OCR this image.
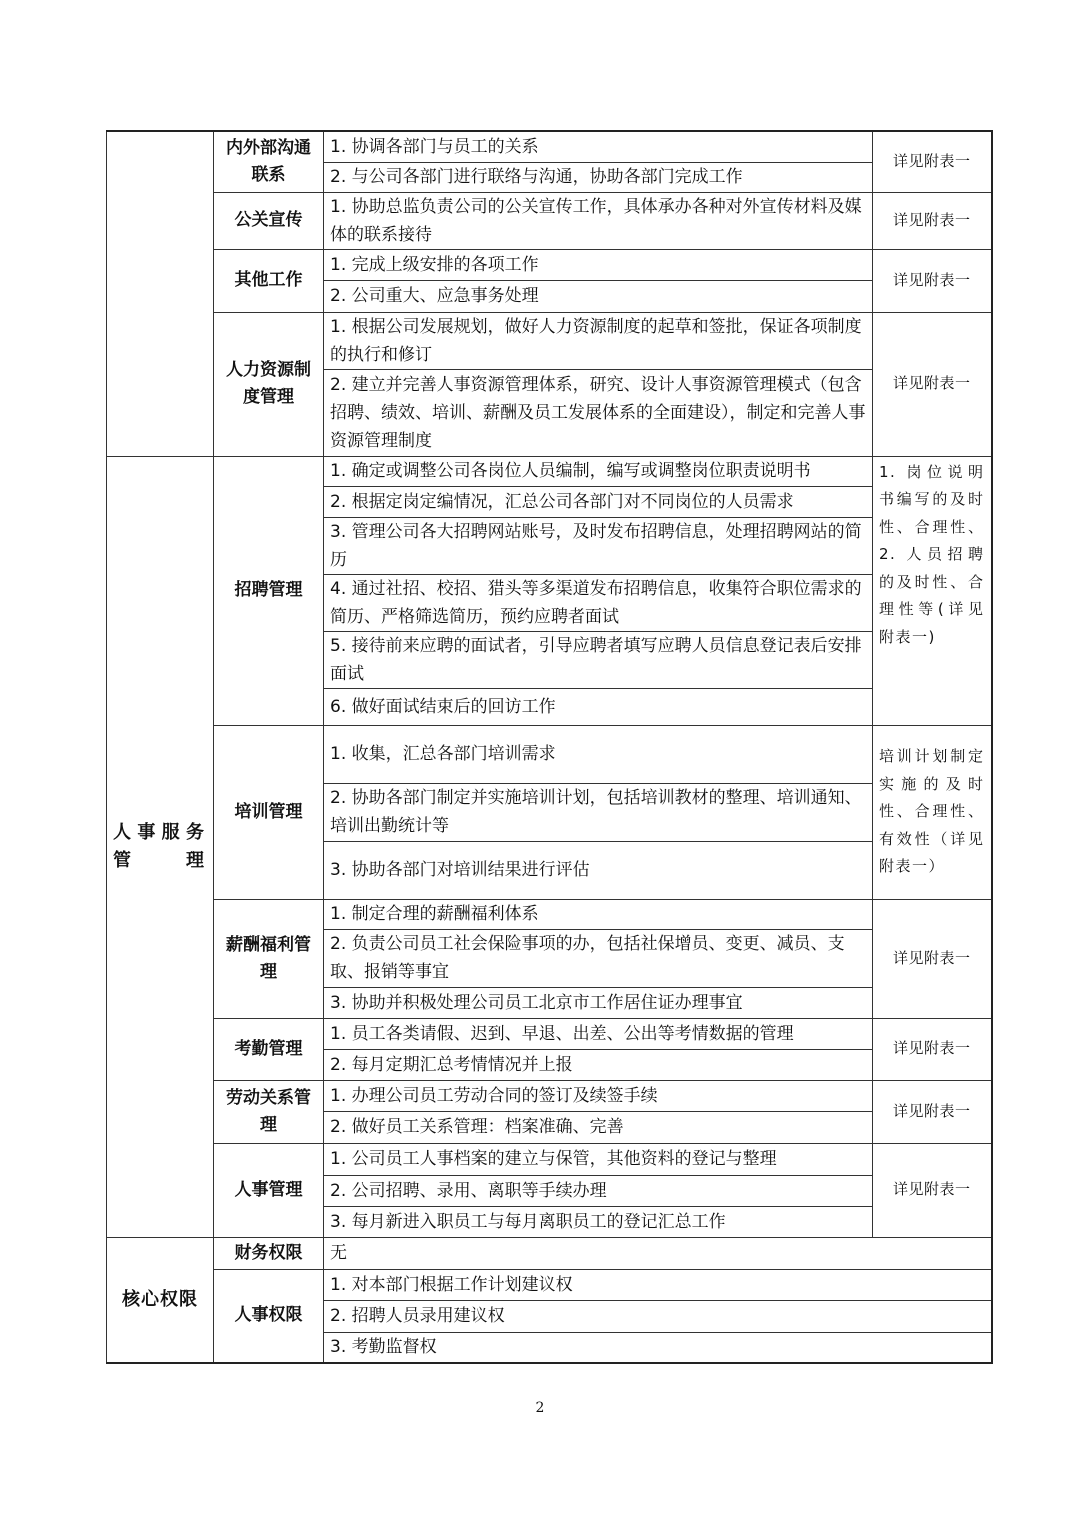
	内外部沟通联系	1. 协调各部门与员工的关系	详见附表一
		2. 与公司各部门进行联络与沟通，协助各部门完成工作	
	公关宣传	1. 协助总监负责公司的公关宣传工作，具体承办各种对外宣传材料及媒体的联系接待	详见附表一
	其他工作	1. 完成上级安排的各项工作	详见附表一
		2. 公司重大、应急事务处理	
	人力资源制度管理	1. 根据公司发展规划，做好人力资源制度的起草和签批，保证各项制度的执行和修订	详见附表一
		2. 建立并完善人事资源管理体系，研究、设计人事资源管理模式（包含招聘、绩效、培训、薪酬及员工发展体系的全面建设），制定和完善人事资源管理制度	
人事服务管理	招聘管理	1. 确定或调整公司各岗位人员编制，编写或调整岗位职责说明书	1. 岗位说明书编写的及时性、合理性、2. 人员招聘的及时性、合理性等(详见附表一)
		2. 根据定岗定编情况，汇总公司各部门对不同岗位的人员需求	
		3. 管理公司各大招聘网站账号，及时发布招聘信息，处理招聘网站的简历	
		4. 通过社招、校招、猎头等多渠道发布招聘信息，收集符合职位需求的简历、严格筛选简历，预约应聘者面试	
		5. 接待前来应聘的面试者，引导应聘者填写应聘人员信息登记表后安排面试	
		6. 做好面试结束后的回访工作	
	培训管理	1. 收集，汇总各部门培训需求	培训计划制定实施的及时性、合理性、有效性（详见附表一）
		2. 协助各部门制定并实施培训计划，包括培训教材的整理、培训通知、培训出勤统计等	
		3. 协助各部门对培训结果进行评估	
	薪酬福利管理	1. 制定合理的薪酬福利体系	详见附表一
		2. 负责公司员工社会保险事项的办，包括社保增员、变更、减员、支取、报销等事宜	
		3. 协助并积极处理公司员工北京市工作居住证办理事宜	
	考勤管理	1. 员工各类请假、迟到、早退、出差、公出等考情数据的管理	详见附表一
		2. 每月定期汇总考情情况并上报	
	劳动关系管理	1. 办理公司员工劳动合同的签订及续签手续	详见附表一
		2. 做好员工关系管理：档案准确、完善	
	人事管理	1. 公司员工人事档案的建立与保管，其他资料的登记与整理	详见附表一
		2. 公司招聘、录用、离职等手续办理	
		3. 每月新进入职员工与每月离职员工的登记汇总工作	
核心权限	财务权限	无	
	人事权限	1. 对本部门根据工作计划建议权	
		2. 招聘人员录用建议权	
		3. 考勤监督权	
2
